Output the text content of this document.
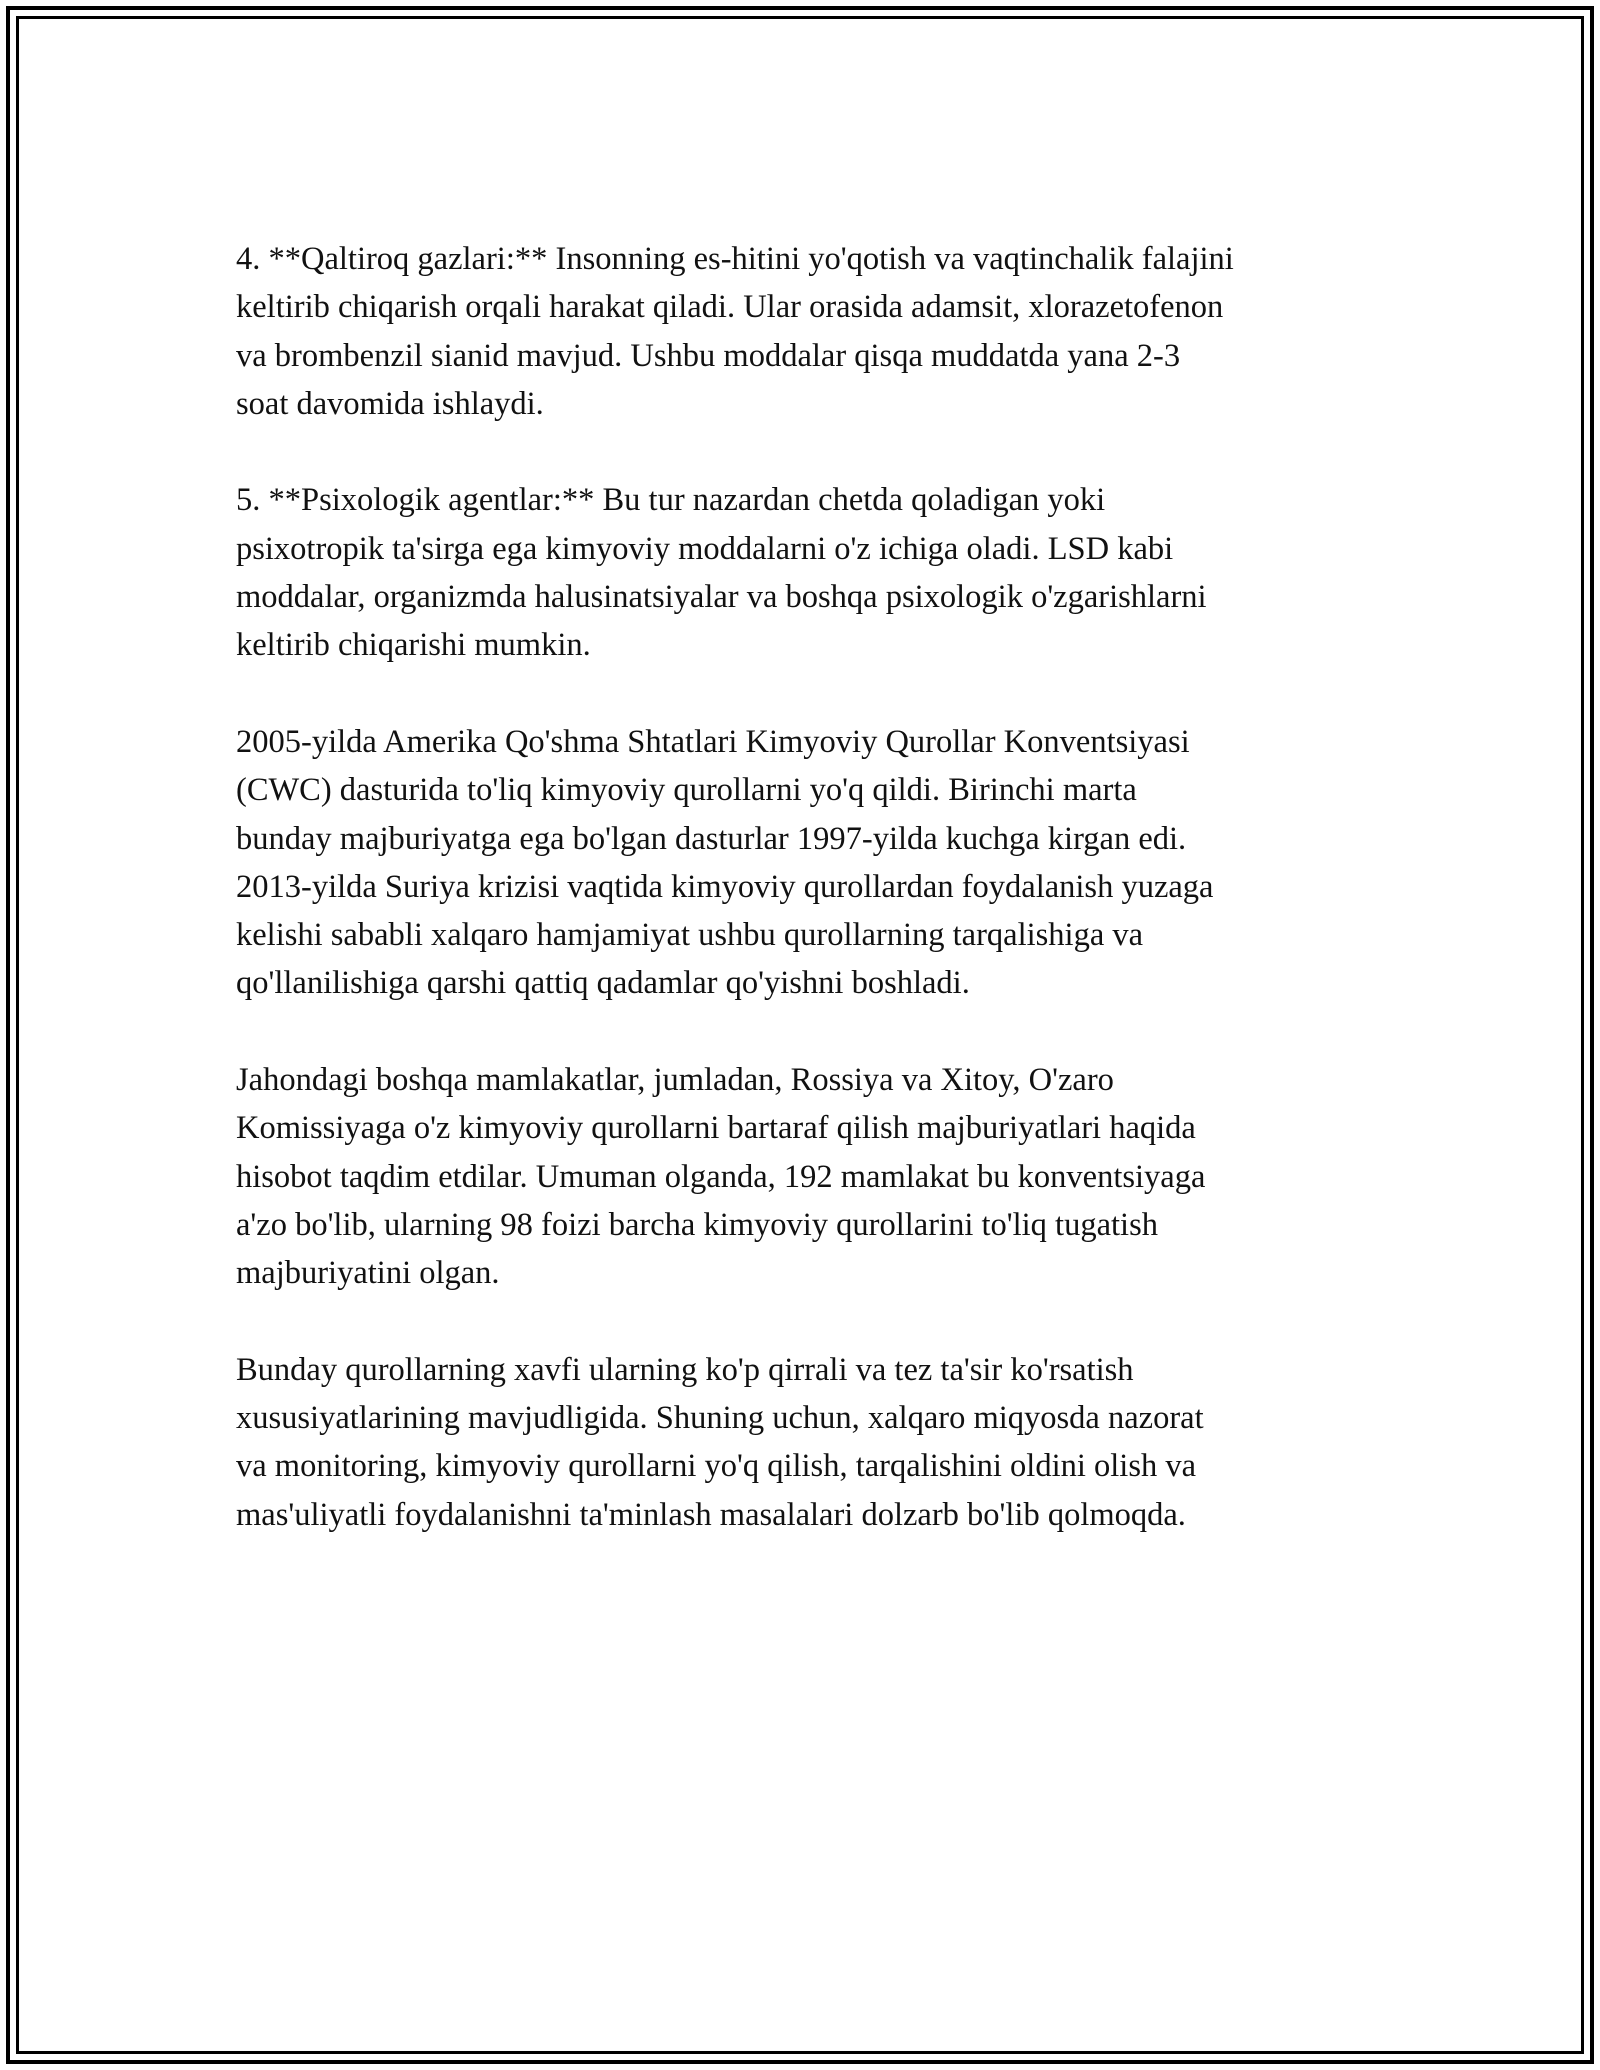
4. **Qaltiroq gazlari:** Insonning es-hitini yo'qotish va vaqtinchalik falajini
keltirib chiqarish orqali harakat qiladi. Ular orasida adamsit, xlorazetofenon
va brombenzil sianid mavjud. Ushbu moddalar qisqa muddatda yana 2-3
soat davomida ishlaydi.

5. **Psixologik agentlar:** Bu tur nazardan chetda qoladigan yoki
psixotropik ta'sirga ega kimyoviy moddalarni o'z ichiga oladi. LSD kabi
moddalar, organizmda halusinatsiyalar va boshqa psixologik o'zgarishlarni
keltirib chiqarishi mumkin.

2005-yilda Amerika Qo'shma Shtatlari Kimyoviy Qurollar Konventsiyasi
(CWC) dasturida to'liq kimyoviy qurollarni yo'q qildi. Birinchi marta
bunday majburiyatga ega bo'lgan dasturlar 1997-yilda kuchga kirgan edi.
2013-yilda Suriya krizisi vaqtida kimyoviy qurollardan foydalanish yuzaga
kelishi sababli xalqaro hamjamiyat ushbu qurollarning tarqalishiga va
qo'llanilishiga qarshi qattiq qadamlar qo'yishni boshladi.

Jahondagi boshqa mamlakatlar, jumladan, Rossiya va Xitoy, O'zaro
Komissiyaga o'z kimyoviy qurollarni bartaraf qilish majburiyatlari haqida
hisobot taqdim etdilar. Umuman olganda, 192 mamlakat bu konventsiyaga
a'zo bo'lib, ularning 98 foizi barcha kimyoviy qurollarini to'liq tugatish
majburiyatini olgan.

Bunday qurollarning xavfi ularning ko'p qirrali va tez ta'sir ko'rsatish
xususiyatlarining mavjudligida. Shuning uchun, xalqaro miqyosda nazorat
va monitoring, kimyoviy qurollarni yo'q qilish, tarqalishini oldini olish va
mas'uliyatli foydalanishni ta'minlash masalalari dolzarb bo'lib qolmoqda.
